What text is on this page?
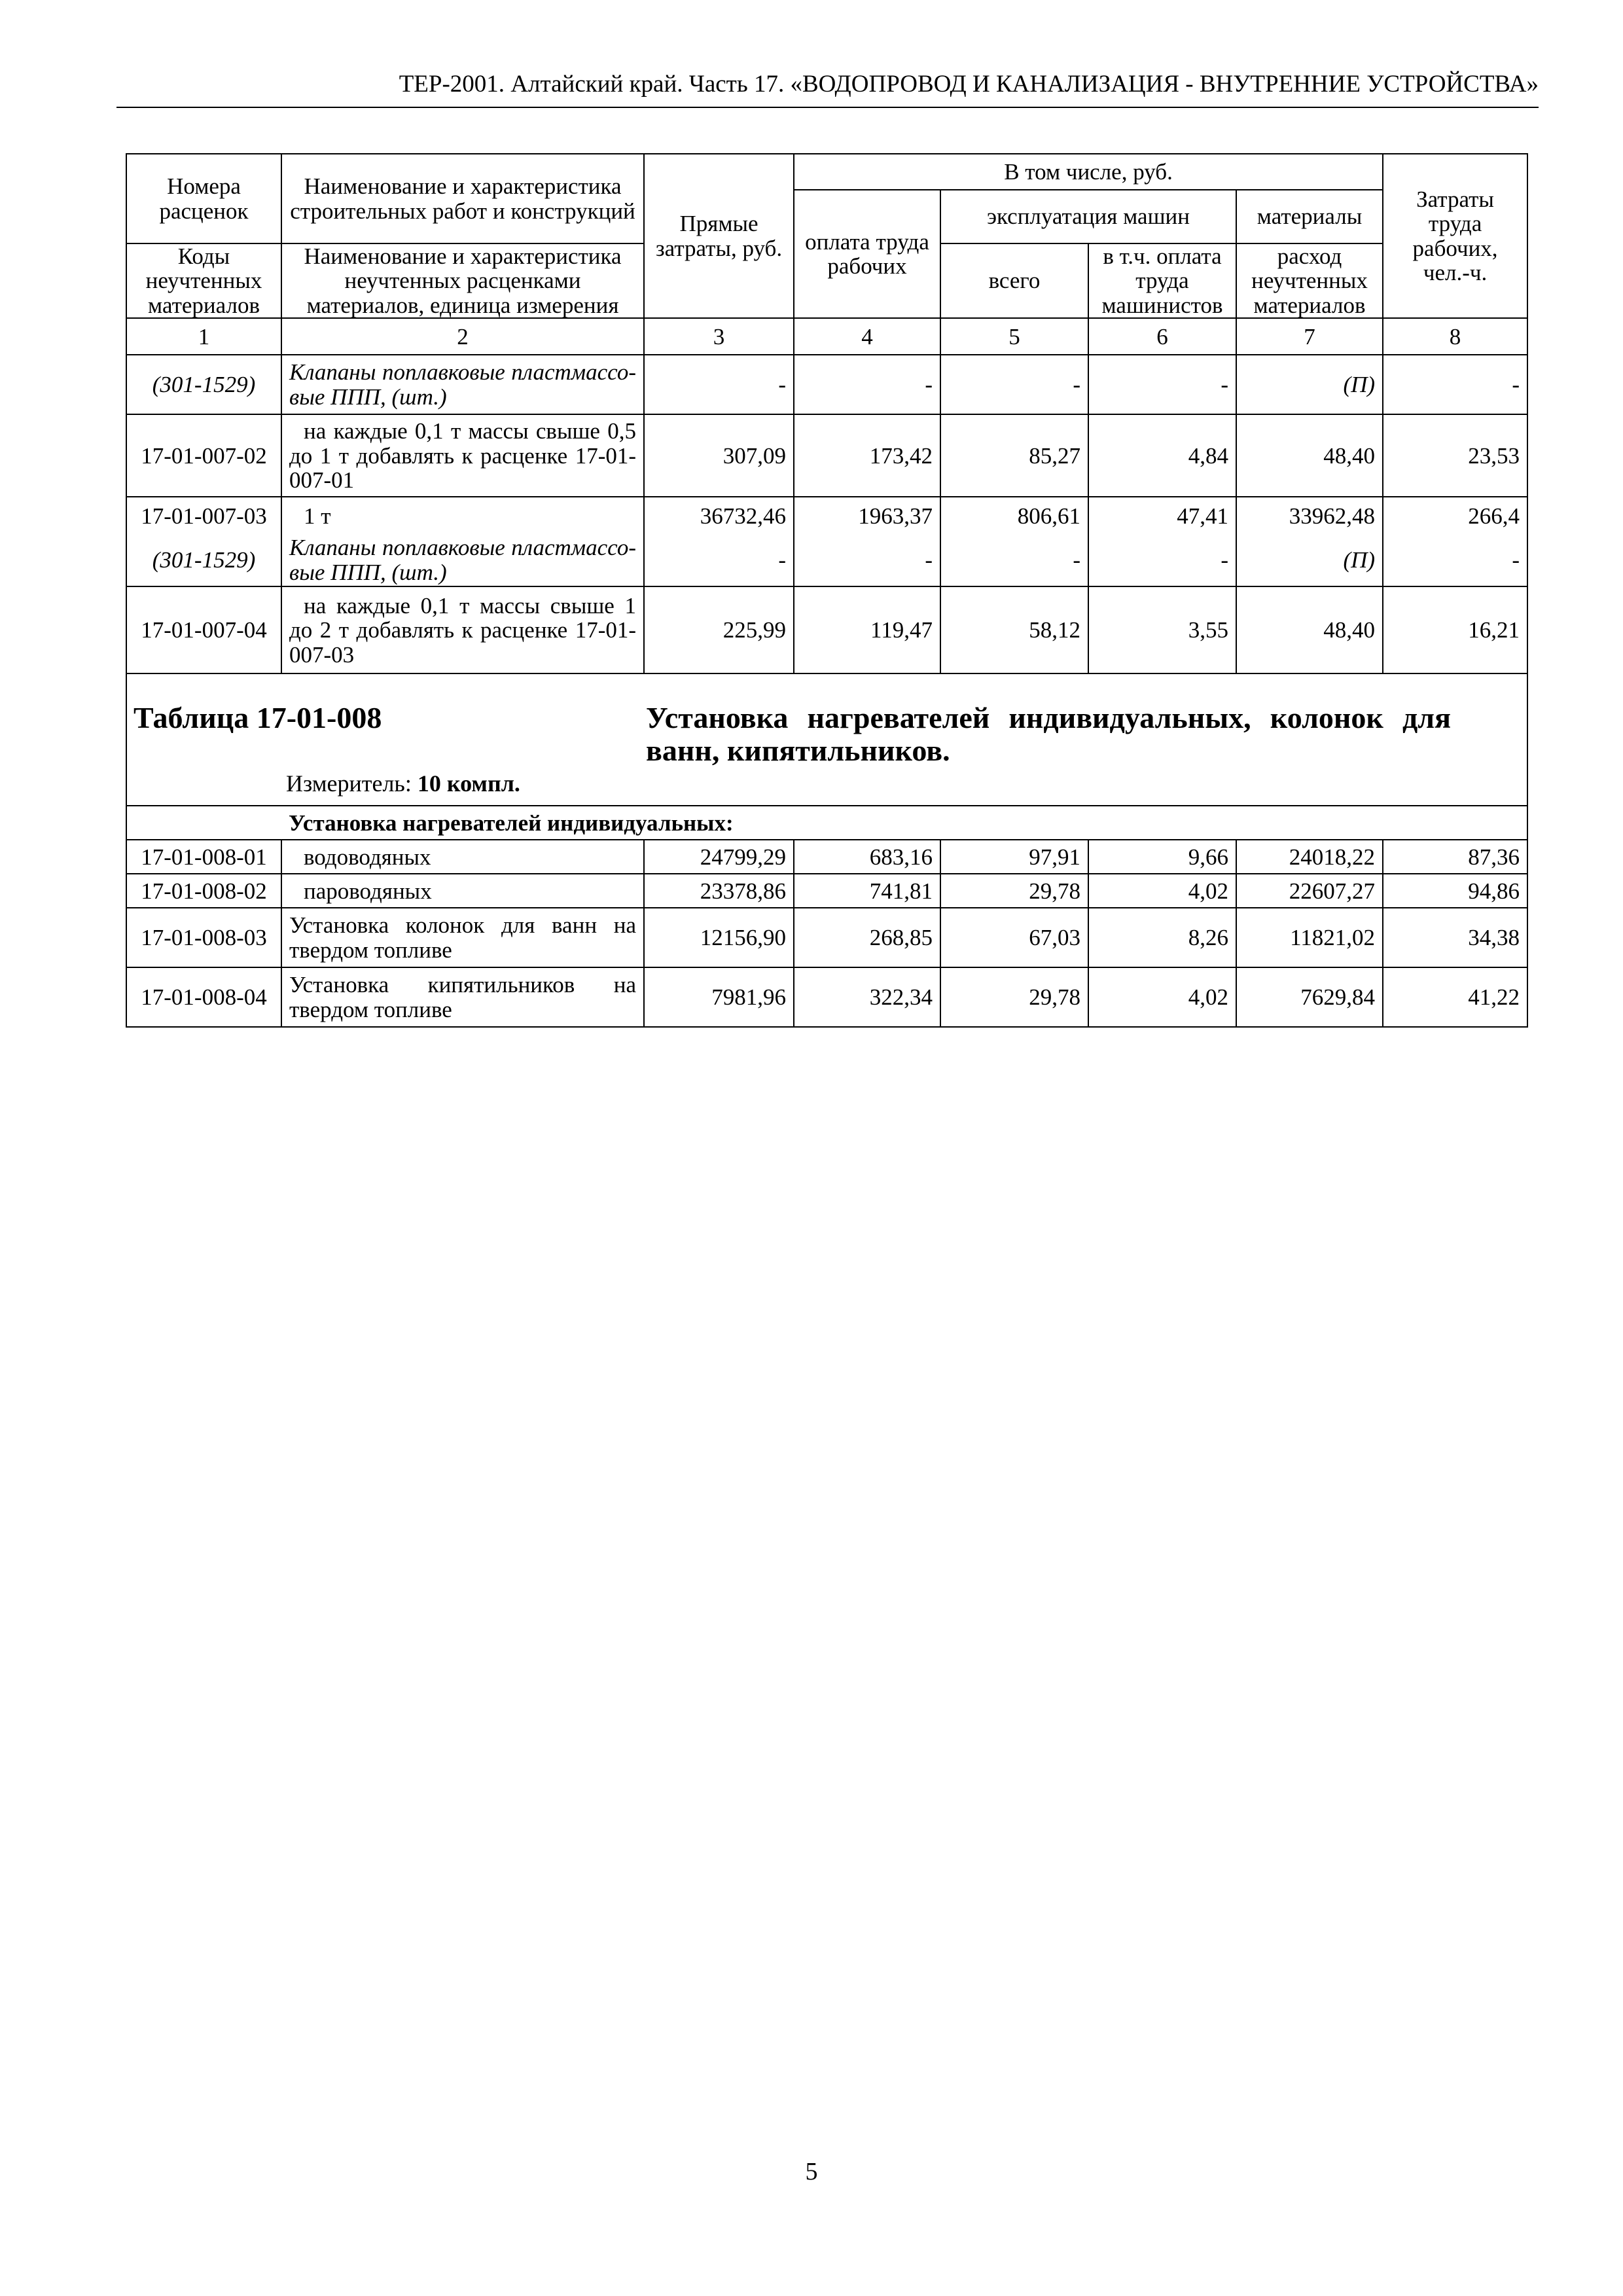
ТЕР-2001. Алтайский край. Часть 17. «ВОДОПРОВОД И КАНАЛИЗАЦИЯ - ВНУТРЕННИЕ УСТРОЙСТВА»
Номера расценок	Наименование и характеристика строительных работ и конструкций	Прямые затраты, руб.	В том числе, руб.				Затраты труда рабочих, чел.-ч.
			оплата труда рабочих	эксплуатация машин		материалы	
Коды неучтенных материалов	Наименование и характеристика неучтенных расценками материалов, единица измерения			всего	в т.ч. оплата труда машинистов	расход неучтенных материалов	
1	2	3	4	5	6	7	8
(301-1529)	Клапаны поплавковые пластмассо-вые ППП, (шт.)	-	-	-	-	(П)	-
17-01-007-02	на каждые 0,1 т массы свыше 0,5 до 1 т добавлять к расценке 17-01-007-01	307,09	173,42	85,27	4,84	48,40	23,53
17-01-007-03	1 т	36732,46	1963,37	806,61	47,41	33962,48	266,4
(301-1529)	Клапаны поплавковые пластмассо-вые ППП, (шт.)	-	-	-	-	(П)	-
17-01-007-04	на каждые 0,1 т массы свыше 1 до 2 т добавлять к расценке 17-01-007-03	225,99	119,47	58,12	3,55	48,40	16,21

Таблица 17-01-008 Установка нагревателей индивидуальных, колонок для ванн, кипятильников.
Измеритель: 10 компл.							

	Установка нагревателей индивидуальных:						
17-01-008-01	водоводяных	24799,29	683,16	97,91	9,66	24018,22	87,36
17-01-008-02	пароводяных	23378,86	741,81	29,78	4,02	22607,27	94,86
17-01-008-03	Установка колонок для ванн на твердом топливе	12156,90	268,85	67,03	8,26	11821,02	34,38
17-01-008-04	Установка кипятильников на твердом топливе	7981,96	322,34	29,78	4,02	7629,84	41,22
5
